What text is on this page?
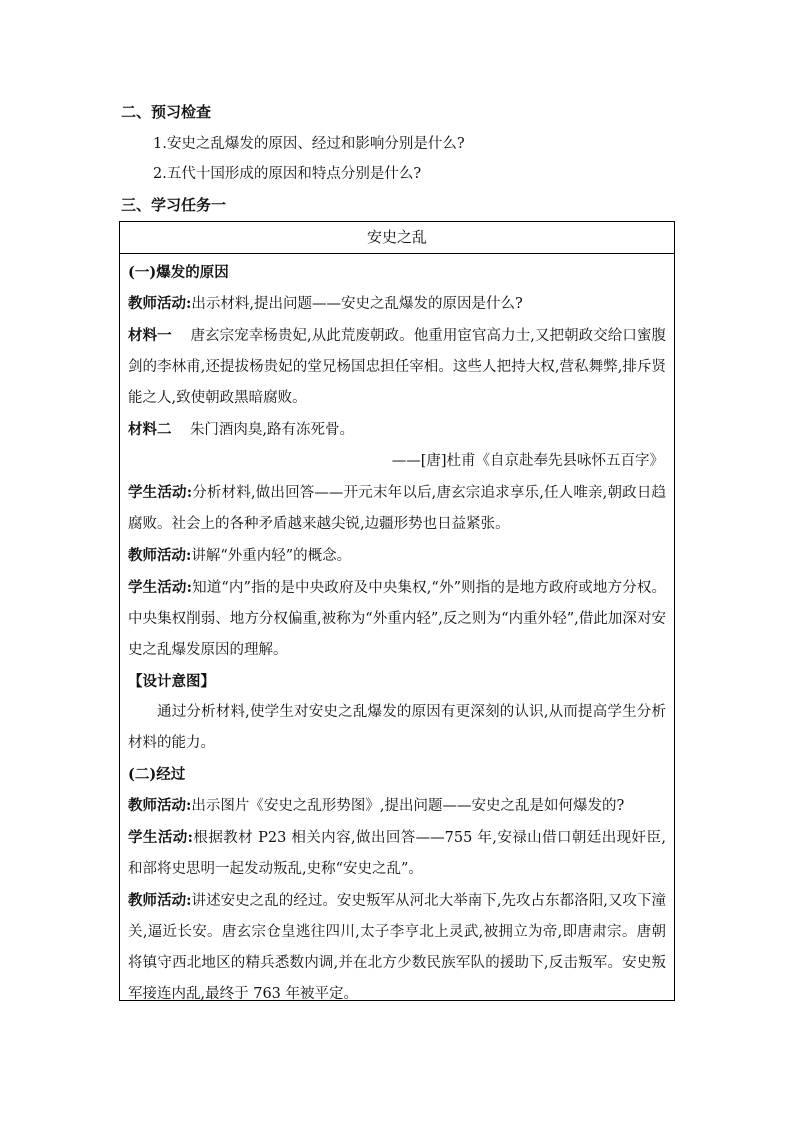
二、预习检查
1.安史之乱爆发的原因、经过和影响分别是什么?
2.五代十国形成的原因和特点分别是什么?
三、学习任务一
安史之乱

(一)爆发的原因

教师活动:出示材料,提出问题——安史之乱爆发的原因是什么?

材料一 唐玄宗宠幸杨贵妃,从此荒废朝政。他重用宦官高力士,又把朝政交给口蜜腹剑的李林甫,还提拔杨贵妃的堂兄杨国忠担任宰相。这些人把持大权,营私舞弊,排斥贤能之人,致使朝政黑暗腐败。

材料二 朱门酒肉臭,路有冻死骨。

——[唐]杜甫《自京赴奉先县咏怀五百字》

学生活动:分析材料,做出回答——开元末年以后,唐玄宗追求享乐,任人唯亲,朝政日趋腐败。社会上的各种矛盾越来越尖锐,边疆形势也日益紧张。

教师活动:讲解“外重内轻”的概念。

学生活动:知道“内”指的是中央政府及中央集权,“外”则指的是地方政府或地方分权。中央集权削弱、地方分权偏重,被称为“外重内轻”,反之则为“内重外轻”,借此加深对安史之乱爆发原因的理解。

【设计意图】

通过分析材料,使学生对安史之乱爆发的原因有更深刻的认识,从而提高学生分析材料的能力。

(二)经过

教师活动:出示图片《安史之乱形势图》,提出问题——安史之乱是如何爆发的?

学生活动:根据教材 P23 相关内容,做出回答——755 年,安禄山借口朝廷出现奸臣,和部将史思明一起发动叛乱,史称“安史之乱”。

教师活动:讲述安史之乱的经过。安史叛军从河北大举南下,先攻占东都洛阳,又攻下潼关,逼近长安。唐玄宗仓皇逃往四川,太子李亨北上灵武,被拥立为帝,即唐肃宗。唐朝将镇守西北地区的精兵悉数内调,并在北方少数民族军队的援助下,反击叛军。安史叛军接连内乱,最终于 763 年被平定。
